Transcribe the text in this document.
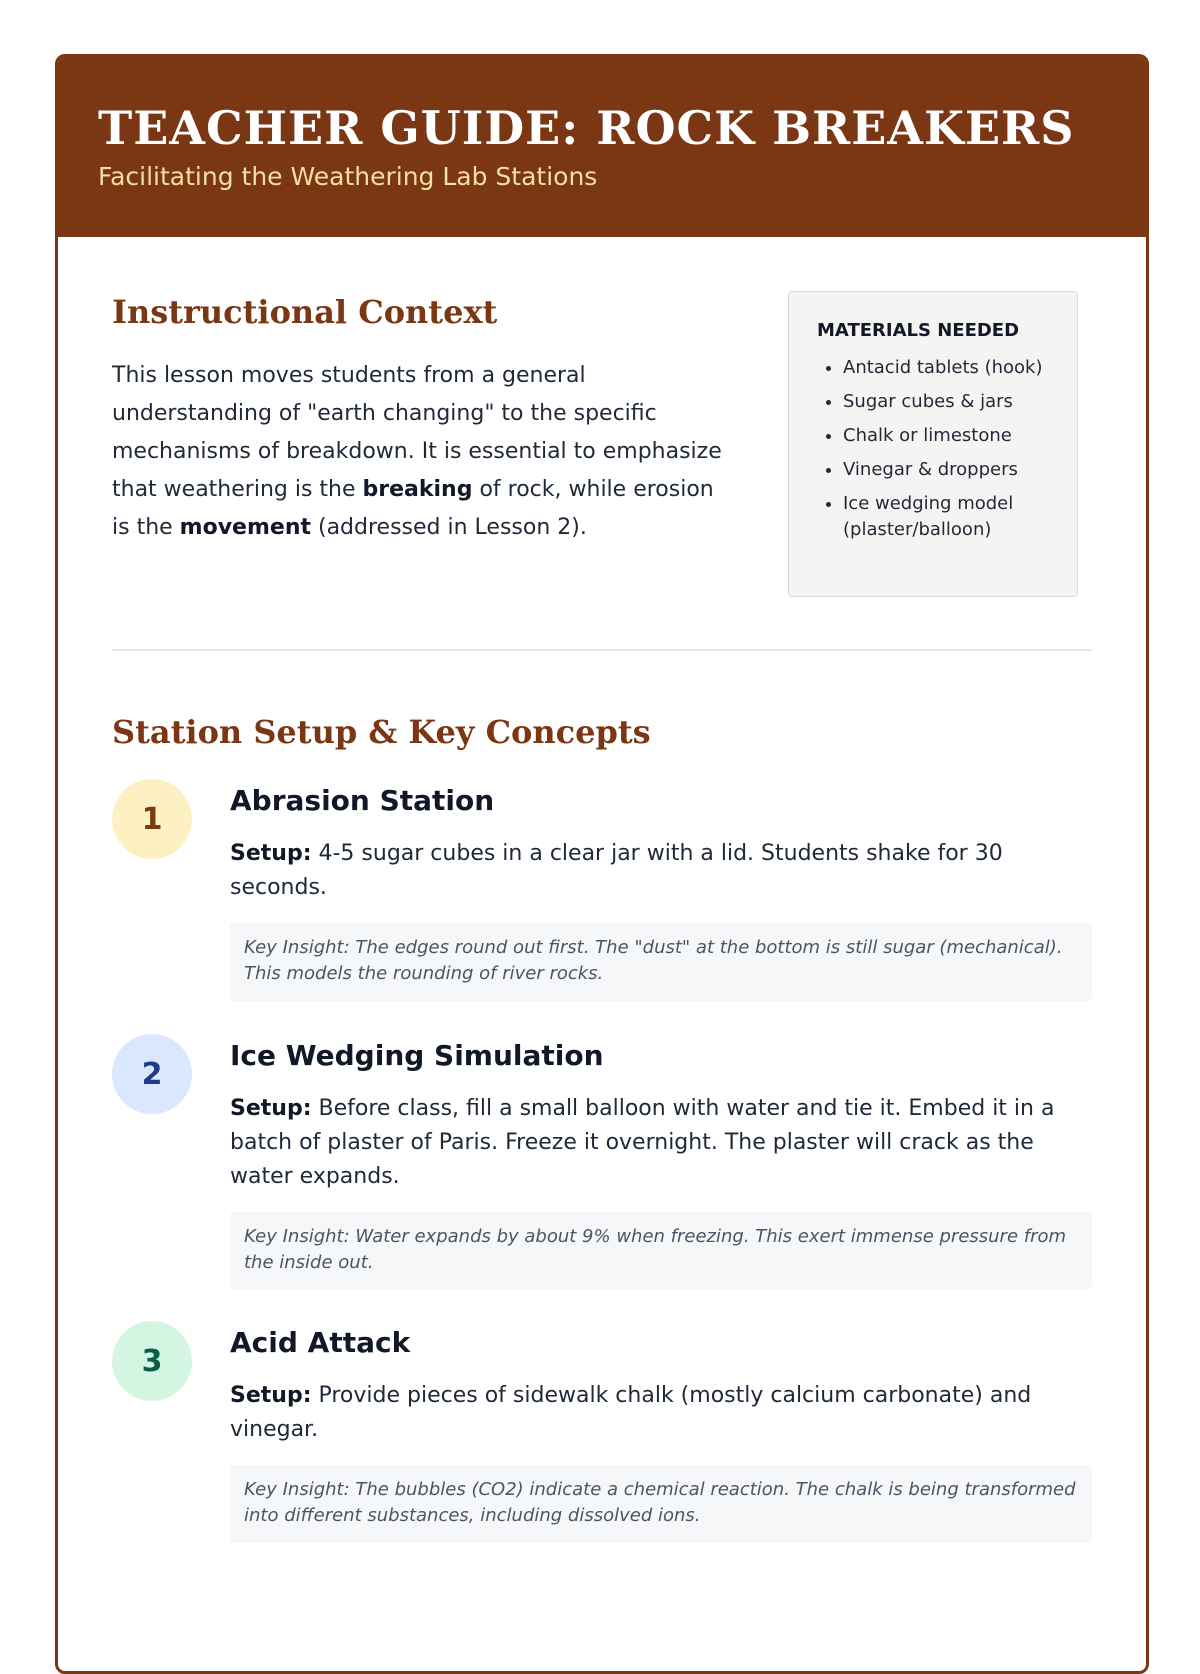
TEACHER GUIDE: ROCK BREAKERS
Facilitating the Weathering Lab Stations
Instructional Context

This lesson moves students from a general understanding of "earth changing" to the specific mechanisms of breakdown. It is essential to emphasize that weathering is the breaking of rock, while erosion is the movement (addressed in Lesson 2).

MATERIALS NEEDED
• Antacid tablets (hook)
• Sugar cubes & jars
• Chalk or limestone
• Vinegar & droppers
• Ice wedging model (plaster/balloon)
Station Setup & Key Concepts
1
Abrasion Station

Setup: 4-5 sugar cubes in a clear jar with a lid. Students shake for 30 seconds.

Key Insight: The edges round out first. The "dust" at the bottom is still sugar (mechanical). This models the rounding of river rocks.
2
Ice Wedging Simulation

Setup: Before class, fill a small balloon with water and tie it. Embed it in a batch of plaster of Paris. Freeze it overnight. The plaster will crack as the water expands.

Key Insight: Water expands by about 9% when freezing. This exert immense pressure from the inside out.
3
Acid Attack

Setup: Provide pieces of sidewalk chalk (mostly calcium carbonate) and vinegar.

Key Insight: The bubbles (CO2) indicate a chemical reaction. The chalk is being transformed into different substances, including dissolved ions.
